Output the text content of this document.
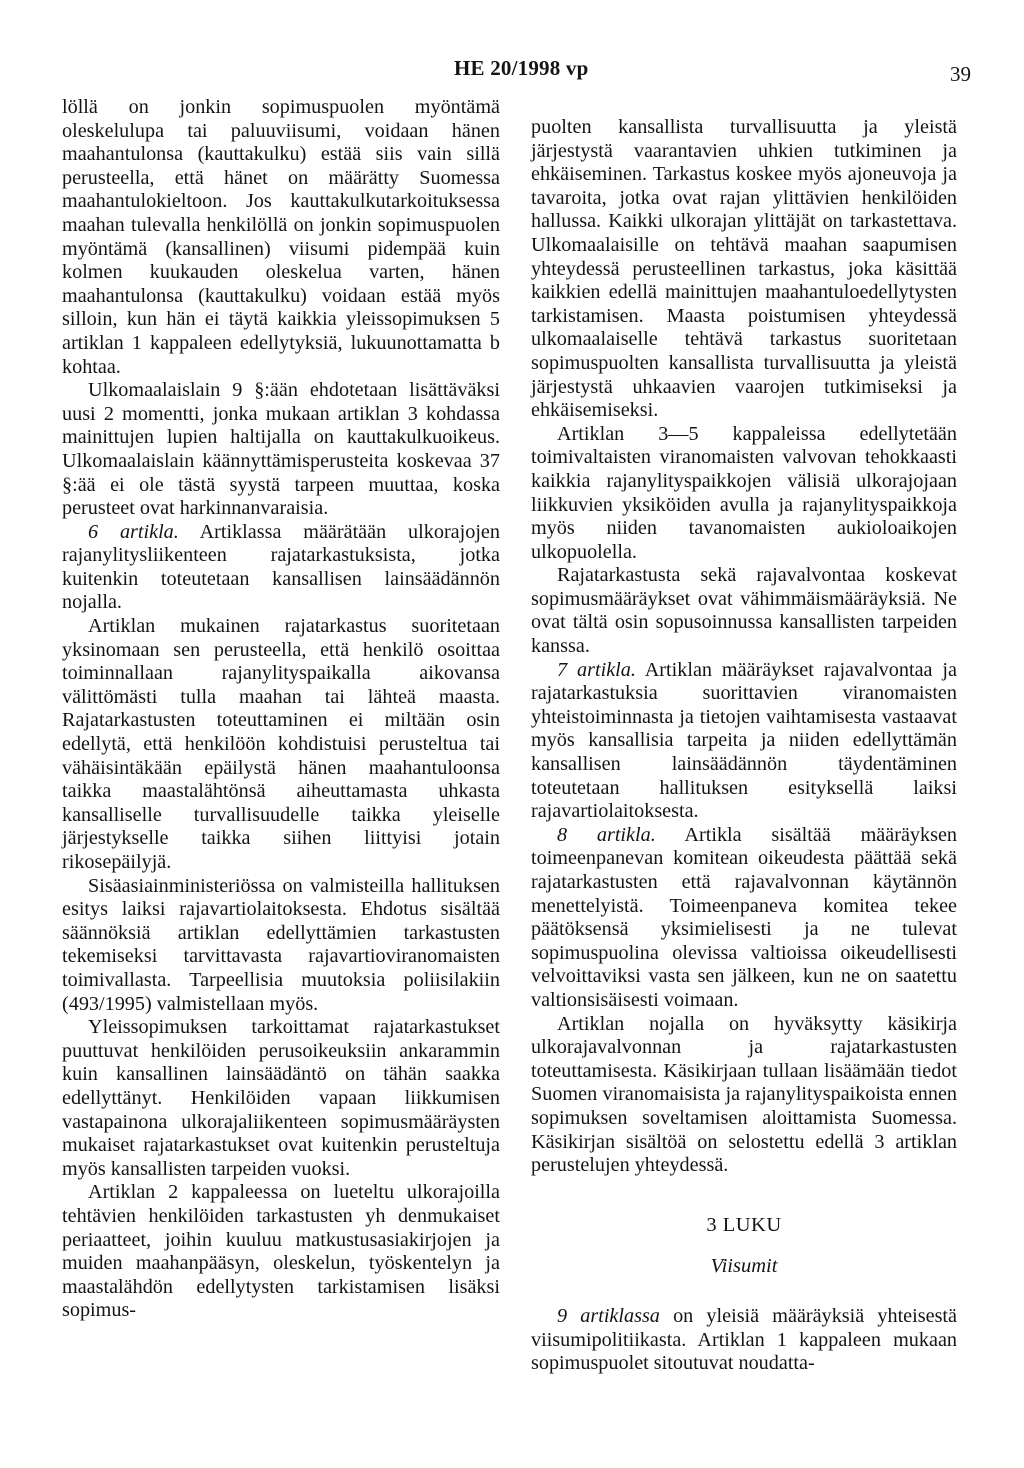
HE 20/1998 vp	39

löllä on jonkin sopimuspuolen myöntämä oleskelulupa tai paluuviisumi, voidaan hänen maahantulonsa (kauttakulku) estää siis vain sillä perusteella, että hänet on määrätty Suomessa maahantulokieltoon. Jos kauttakulkutarkoituksessa maahan tulevalla henkilöllä on jonkin sopimuspuolen myöntämä (kansallinen) viisumi pidempää kuin kolmen kuukauden oleskelua varten, hänen maahantulonsa (kauttakulku) voidaan estää myös silloin, kun hän ei täytä kaikkia yleissopimuksen 5 artiklan 1 kappaleen edellytyksiä, lukuunottamatta b kohtaa.

Ulkomaalaislain 9 §:ään ehdotetaan lisättäväksi uusi 2 momentti, jonka mukaan artiklan 3 kohdassa mainittujen lupien haltijalla on kauttakulkuoikeus. Ulkomaalaislain käännyttämisperusteita koskevaa 37 §:ää ei ole tästä syystä tarpeen muuttaa, koska perusteet ovat harkinnanvaraisia.

6 artikla. Artiklassa määrätään ulkorajojen rajanylitysliikenteen rajatarkastuksista, jotka kuitenkin toteutetaan kansallisen lainsäädännön nojalla.

Artiklan mukainen rajatarkastus suoritetaan yksinomaan sen perusteella, että henkilö osoittaa toiminnallaan rajanylityspaikalla aikovansa välittömästi tulla maahan tai lähteä maasta. Rajatarkastusten toteuttaminen ei miltään osin edellytä, että henkilöön kohdistuisi perusteltua tai vähäisintäkään epäilystä hänen maahantuloonsa taikka maastalähtönsä aiheuttamasta uhkasta kansalliselle turvallisuudelle taikka yleiselle järjestykselle taikka siihen liittyisi jotain rikosepäilyjä.

Sisäasiainministeriössa on valmisteilla hallituksen esitys laiksi rajavartiolaitoksesta. Ehdotus sisältää säännöksiä artiklan edellyttämien tarkastusten tekemiseksi tarvittavasta rajavartioviranomaisten toimivallasta. Tarpeellisia muutoksia poliisilakiin (493/1995) valmistellaan myös.

Yleissopimuksen tarkoittamat rajatarkastukset puuttuvat henkilöiden perusoikeuksiin ankarammin kuin kansallinen lainsäädäntö on tähän saakka edellyttänyt. Henkilöiden vapaan liikkumisen vastapainona ulkorajaliikenteen sopimusmääräysten mukaiset rajatarkastukset ovat kuitenkin perusteltuja myös kansallisten tarpeiden vuoksi.

Artiklan 2 kappaleessa on lueteltu ulkorajoilla tehtävien henkilöiden tarkastusten yh denmukaiset periaatteet, joihin kuuluu matkustusasiakirjojen ja muiden maahanpääsyn, oleskelun, työskentelyn ja maastalähdön edellytysten tarkistamisen lisäksi sopimus-

puolten kansallista turvallisuutta ja yleistä järjestystä vaarantavien uhkien tutkiminen ja ehkäiseminen. Tarkastus koskee myös ajoneuvoja ja tavaroita, jotka ovat rajan ylittävien henkilöiden hallussa. Kaikki ulkorajan ylittäjät on tarkastettava. Ulkomaalaisille on tehtävä maahan saapumisen yhteydessä perusteellinen tarkastus, joka käsittää kaikkien edellä mainittujen maahantuloedellytysten tarkistamisen. Maasta poistumisen yhteydessä ulkomaalaiselle tehtävä tarkastus suoritetaan sopimuspuolten kansallista turvallisuutta ja yleistä järjestystä uhkaavien vaarojen tutkimiseksi ja ehkäisemiseksi.

Artiklan 3—5 kappaleissa edellytetään toimivaltaisten viranomaisten valvovan tehokkaasti kaikkia rajanylityspaikkojen välisiä ulkorajojaan liikkuvien yksiköiden avulla ja rajanylityspaikkoja myös niiden tavanomaisten aukioloaikojen ulkopuolella.

Rajatarkastusta sekä rajavalvontaa koskevat sopimusmääräykset ovat vähimmäismääräyksiä. Ne ovat tältä osin sopusoinnussa kansallisten tarpeiden kanssa.

7 artikla. Artiklan määräykset rajavalvontaa ja rajatarkastuksia suorittavien viranomaisten yhteistoiminnasta ja tietojen vaihtamisesta vastaavat myös kansallisia tarpeita ja niiden edellyttämän kansallisen lainsäädännön täydentäminen toteutetaan hallituksen esityksellä laiksi rajavartiolaitoksesta.

8 artikla. Artikla sisältää määräyksen toimeenpanevan komitean oikeudesta päättää sekä rajatarkastusten että rajavalvonnan käytännön menettelyistä. Toimeenpaneva komitea tekee päätöksensä yksimielisesti ja ne tulevat sopimuspuolina olevissa valtioissa oikeudellisesti velvoittaviksi vasta sen jälkeen, kun ne on saatettu valtionsisäisesti voimaan.

Artiklan nojalla on hyväksytty käsikirja ulkorajavalvonnan ja rajatarkastusten toteuttamisesta. Käsikirjaan tullaan lisäämään tiedot Suomen viranomaisista ja rajanylityspaikoista ennen sopimuksen soveltamisen aloittamista Suomessa. Käsikirjan sisältöä on selostettu edellä 3 artiklan perustelujen yhteydessä.

3 LUKU
Viisumit

9 artiklassa on yleisiä määräyksiä yhteisestä viisumipolitiikasta. Artiklan 1 kappaleen mukaan sopimuspuolet sitoutuvat noudatta-
